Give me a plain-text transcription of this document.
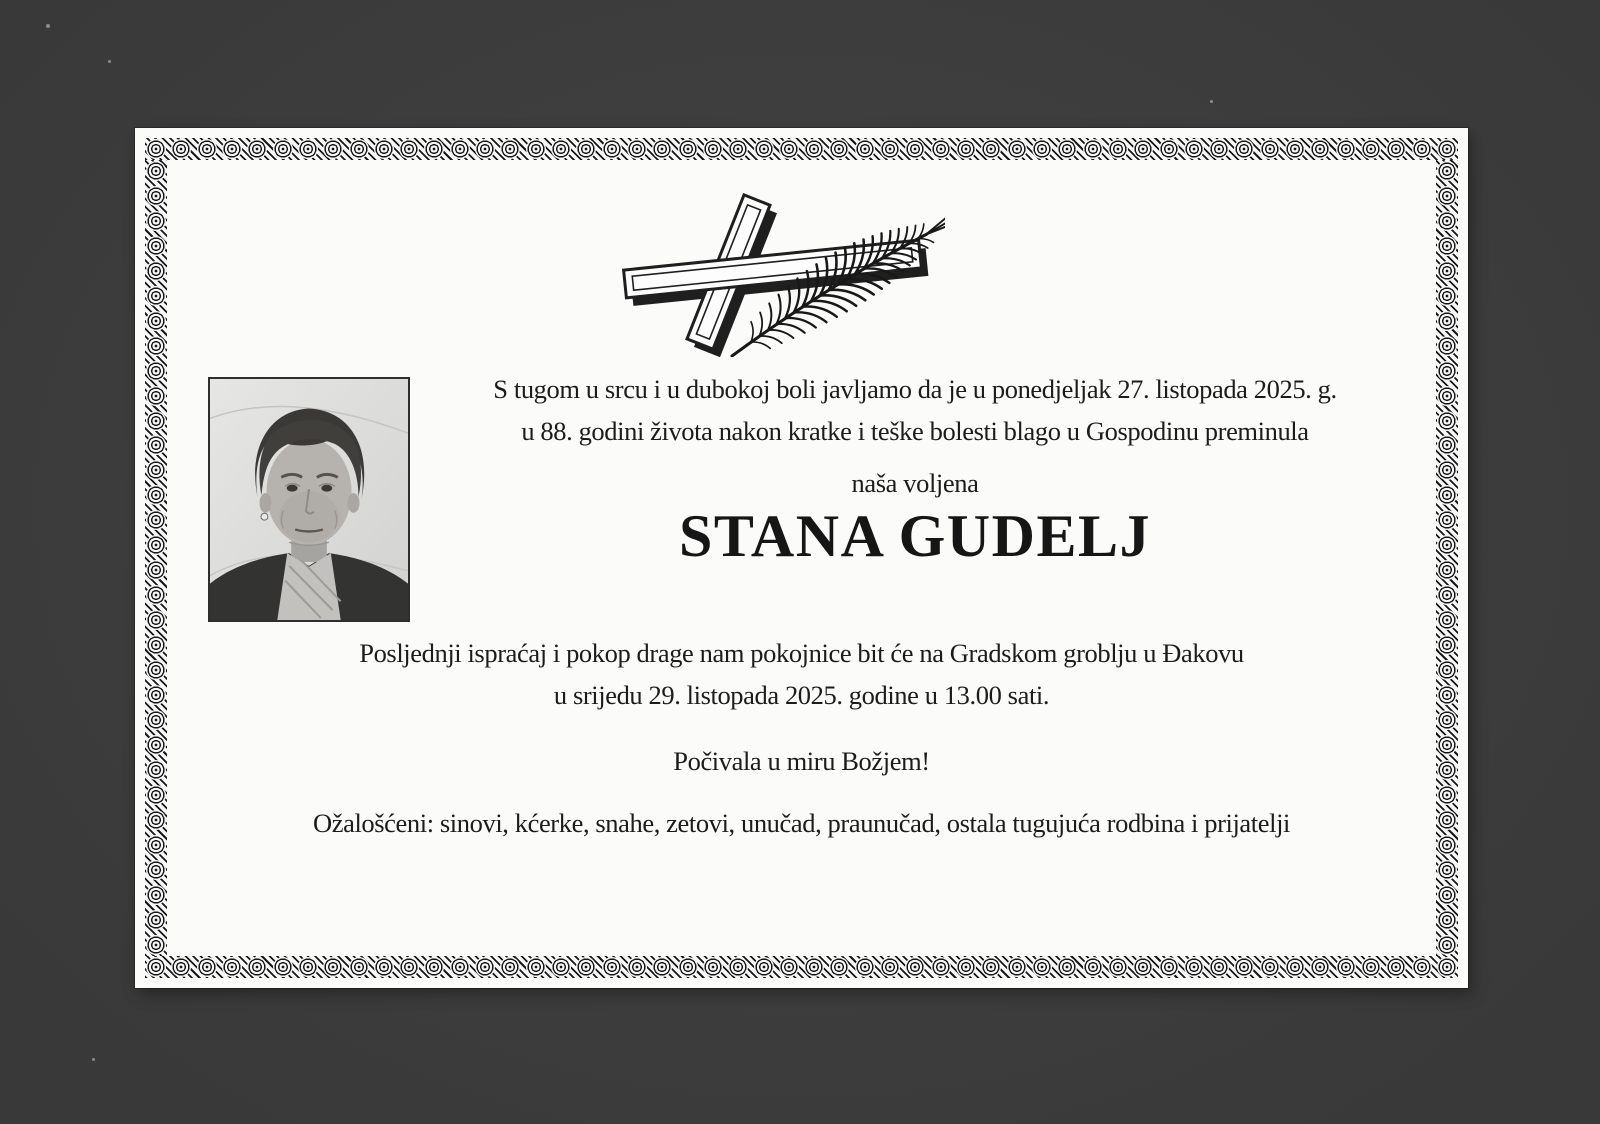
S tugom u srcu i u dubokoj boli javljamo da je u ponedjeljak 27. listopada 2025. g.

u 88. godini života nakon kratke i teške bolesti blago u Gospodinu preminula

naša voljena

STANA GUDELJ

Posljednji ispraćaj i pokop drage nam pokojnice bit će na Gradskom groblju u Đakovu

u srijedu 29. listopada 2025. godine u 13.00 sati.

Počivala u miru Božjem!

Ožalošćeni: sinovi, kćerke, snahe, zetovi, unučad, praunučad, ostala tugujuća rodbina i prijatelji
